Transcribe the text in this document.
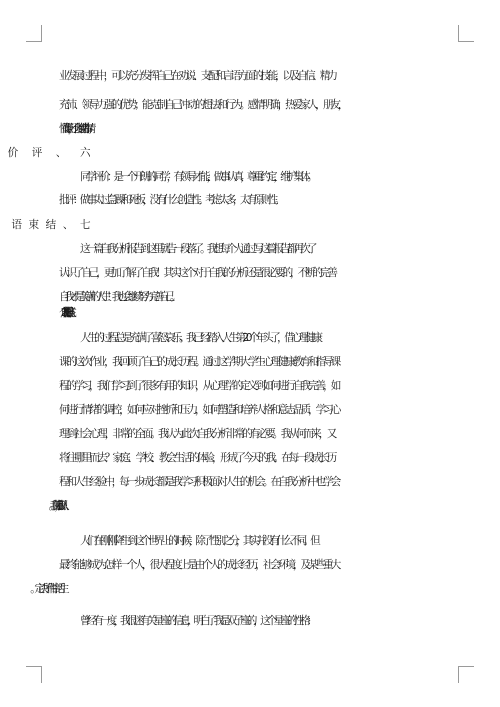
业发展过程中，可以充分发挥自己在劝说、支配和言语方面的技能，以及自信、精力
充沛、领导力强的优势；能克制自己冲动的想法和行为。感情明确，热爱家人，朋友，
懂得谦让，不会随情绪办事情。
同学评价：是一个开朗的同学，有领导才能，做事认真，尊重约定，维护集体。
批评：做事太过急躁和死板，没有什么创造性。考虑太多，太有原则性。
这一篇自我分析报告到这里就告一段落了。我想每个人通过写这篇报告都再次了
认识了自己，更加了解了自我！其实这个对于自我的分析还是很必要的，不断的完善
自我才是美满的人生！我也会继续努力完善自己。
人生的过程总是充满了喜怒哀乐。 我已经踏入人生第 20 个年头了， 借心理健康
课的这次作业， 我回顾了自己的成长历程。通过这学期大学生心理健康教育和指导课
程的学习，我们学习到 了很多有用的知识，从心理学的定义到如何进行自我完善，如
何进行情绪的调控，如何应对 挫折和压力，如何塑造和培养人格和意志品质，学习心
理到社会心理，非常的全面。我认为 此次自我分析非常的有必要。 我从何而来， 又
将往哪里而去？家庭、 学校、 教会生活的体验， 形成了今天的我。在每一段成长历
程和人生经验中，每一步成长都是我学习积极面对人生的 机会。在自我分析中也学会
人们在刚刚降生到这个世界上的时候，除了性别之分，其实并没 有什么不同。但
最终能够成为怎样一个人，很大程度上是由个人的成 长经历，社会环境，及某些重大
曾经有一度，我很迷有关星座的信息，明白了我是双子座的，这个星座的性格：
